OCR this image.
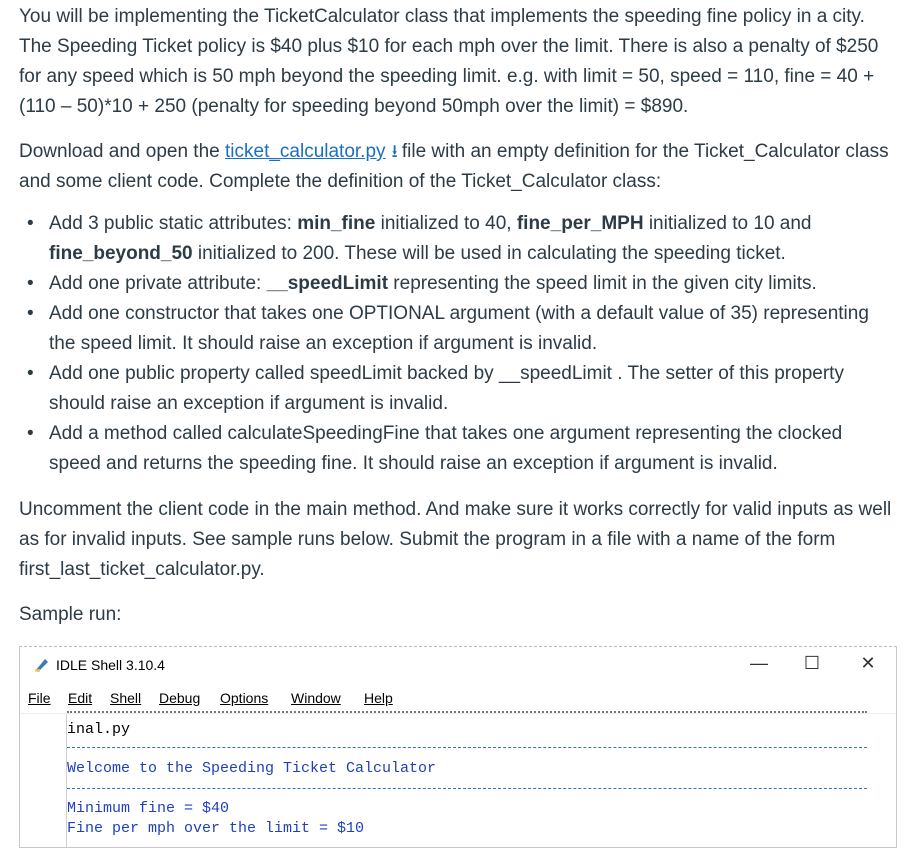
You will be implementing the TicketCalculator class that implements the speeding fine policy in a city. The Speeding Ticket policy is $40 plus $10 for each mph over the limit. There is also a penalty of $250 for any speed which is 50 mph beyond the speeding limit. e.g. with limit = 50, speed = 110, fine = 40 + (110 – 50)*10 + 250 (penalty for speeding beyond 50mph over the limit) = $890.

Download and open the ticket_calculator.py ⭳ file with an empty definition for the Ticket_Calculator class and some client code. Complete the definition of the Ticket_Calculator class:

• Add 3 public static attributes: min_fine initialized to 40, fine_per_MPH initialized to 10 and fine_beyond_50 initialized to 200. These will be used in calculating the speeding ticket.
• Add one private attribute: __speedLimit representing the speed limit in the given city limits.
• Add one constructor that takes one OPTIONAL argument (with a default value of 35) representing the speed limit. It should raise an exception if argument is invalid.
• Add one public property called speedLimit backed by __speedLimit . The setter of this property should raise an exception if argument is invalid.
• Add a method called calculateSpeedingFine that takes one argument representing the clocked speed and returns the speeding fine. It should raise an exception if argument is invalid.

Uncomment the client code in the main method. And make sure it works correctly for valid inputs as well as for invalid inputs. See sample runs below. Submit the program in a file with a name of the form first_last_ticket_calculator.py.

Sample run:

IDLE Shell 3.10.4	—	☐	✕
File Edit Shell Debug Options Window Help
inal.py
Welcome to the Speeding Ticket Calculator
Minimum fine = $40
Fine per mph over the limit = $10
